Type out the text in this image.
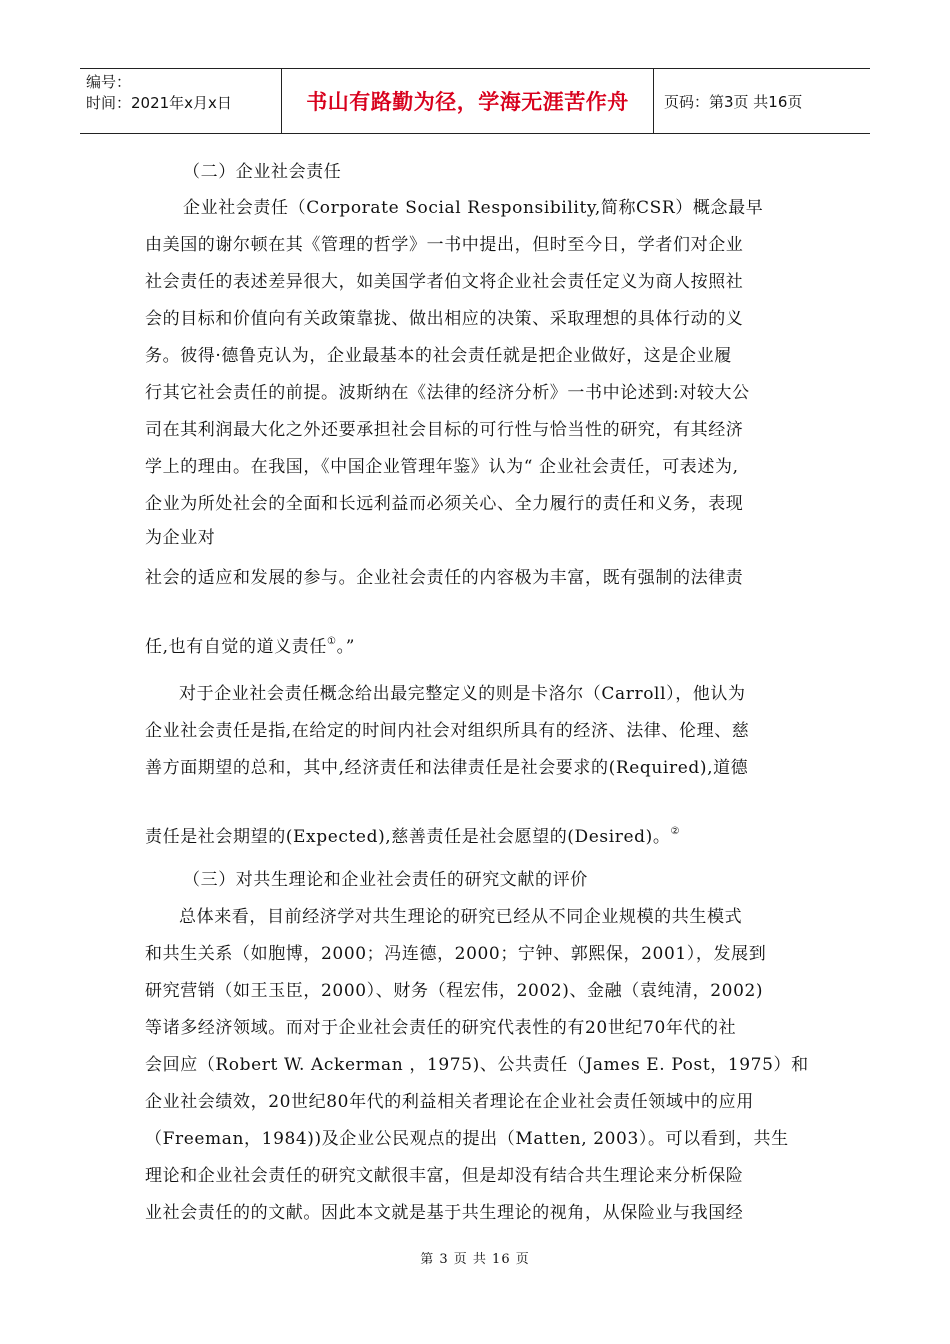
编号：
时间：2021年x月x日	书山有路勤为径，学海无涯苦作舟 页码：第3页 共16页
（二）企业社会责任
企业社会责任（Corporate Social Responsibility,简称CSR）概念最早
由美国的谢尔顿在其《管理的哲学》一书中提出，但时至今日，学者们对企业
社会责任的表述差异很大，如美国学者伯文将企业社会责任定义为商人按照社
会的目标和价值向有关政策靠拢、做出相应的决策、采取理想的具体行动的义
务。彼得·德鲁克认为，企业最基本的社会责任就是把企业做好，这是企业履
行其它社会责任的前提。波斯纳在《法律的经济分析》一书中论述到:对较大公
司在其利润最大化之外还要承担社会目标的可行性与恰当性的研究，有其经济
学上的理由。在我国，《中国企业管理年鉴》认为“ 企业社会责任，可表述为,
企业为所处社会的全面和长远利益而必须关心、全力履行的责任和义务，表现
为企业对
社会的适应和发展的参与。企业社会责任的内容极为丰富，既有强制的法律责
任,也有自觉的道义责任①。”
对于企业社会责任概念给出最完整定义的则是卡洛尔（Carroll），他认为
企业社会责任是指,在给定的时间内社会对组织所具有的经济、法律、伦理、慈
善方面期望的总和，其中,经济责任和法律责任是社会要求的(Required),道德
责任是社会期望的(Expected),慈善责任是社会愿望的(Desired)。②
（三）对共生理论和企业社会责任的研究文献的评价
总体来看，目前经济学对共生理论的研究已经从不同企业规模的共生模式
和共生关系（如胞博，2000；冯连德，2000；宁钟、郭熙保，2001），发展到
研究营销（如王玉臣，2000）、财务（程宏伟，2002)、金融（袁纯清，2002)
等诸多经济领域。而对于企业社会责任的研究代表性的有20世纪70年代的社
会回应（Robert W. Ackerman ，1975)、公共责任（James E. Post，1975）和
企业社会绩效，20世纪80年代的利益相关者理论在企业社会责任领域中的应用
（Freeman，1984))及企业公民观点的提出（Matten, 2003）。可以看到，共生
理论和企业社会责任的研究文献很丰富，但是却没有结合共生理论来分析保险
业社会责任的的文献。因此本文就是基于共生理论的视角，从保险业与我国经
第 3 页 共 16 页
